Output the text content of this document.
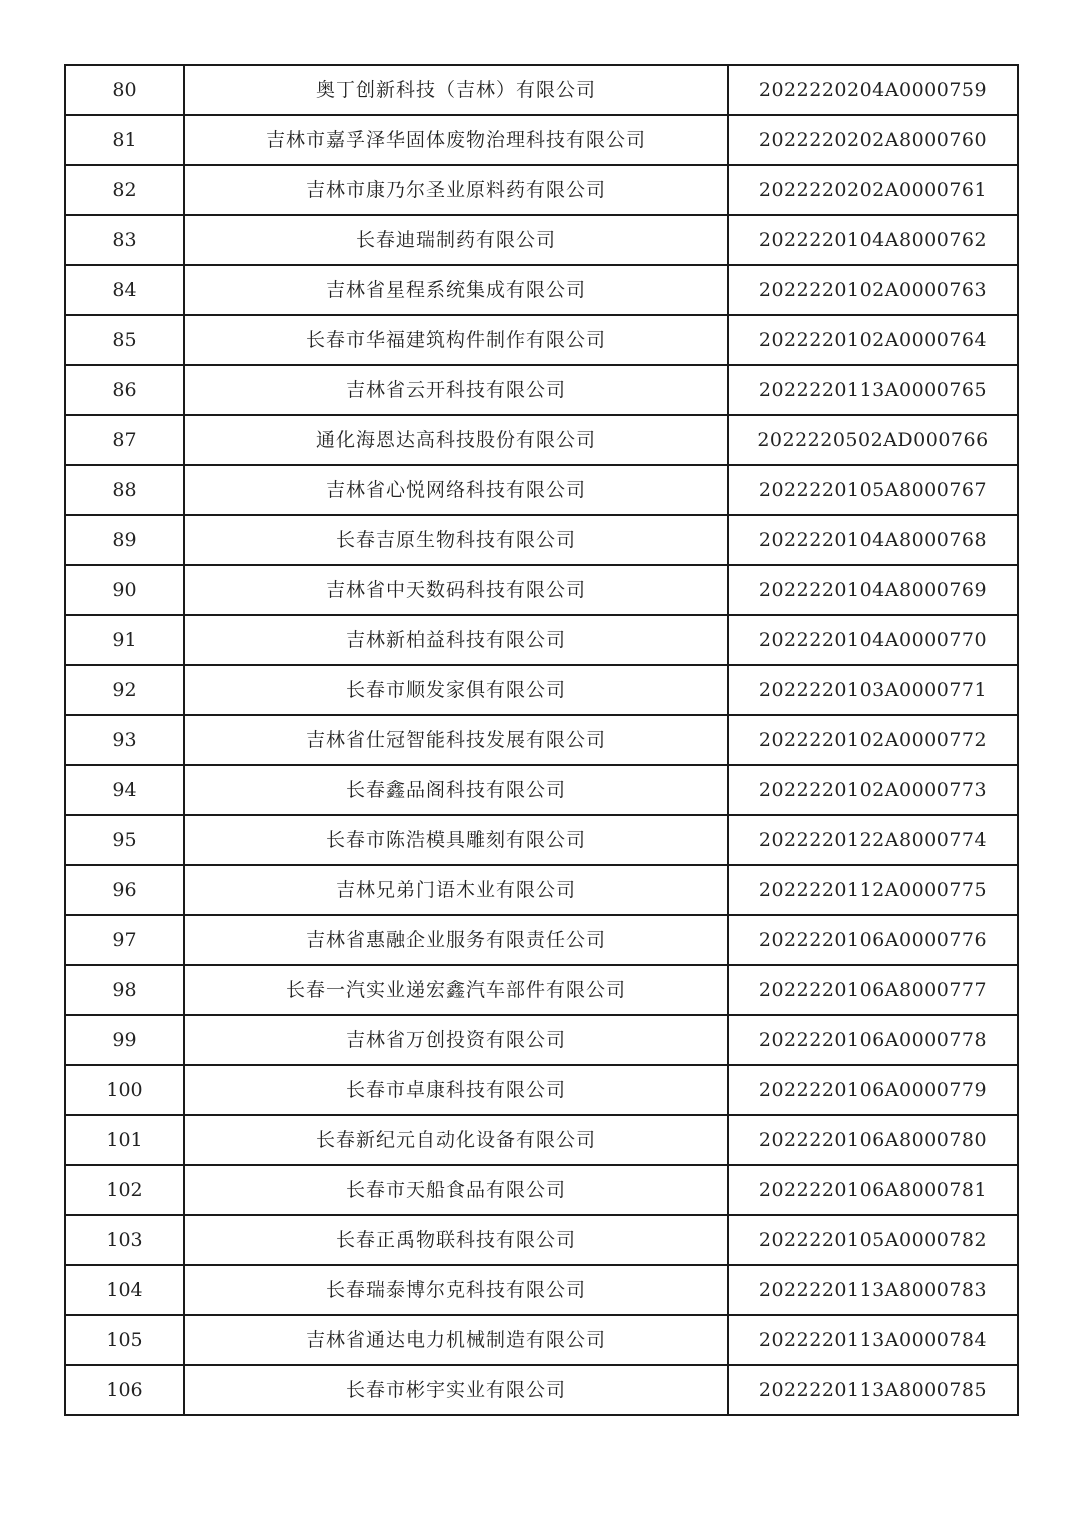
80	奥丁创新科技（吉林）有限公司	2022220204A0000759
81	吉林市嘉孚泽华固体废物治理科技有限公司	2022220202A8000760
82	吉林市康乃尔圣业原料药有限公司	2022220202A0000761
83	长春迪瑞制药有限公司	2022220104A8000762
84	吉林省星程系统集成有限公司	2022220102A0000763
85	长春市华福建筑构件制作有限公司	2022220102A0000764
86	吉林省云开科技有限公司	2022220113A0000765
87	通化海恩达高科技股份有限公司	2022220502AD000766
88	吉林省心悦网络科技有限公司	2022220105A8000767
89	长春吉原生物科技有限公司	2022220104A8000768
90	吉林省中天数码科技有限公司	2022220104A8000769
91	吉林新柏益科技有限公司	2022220104A0000770
92	长春市顺发家俱有限公司	2022220103A0000771
93	吉林省仕冠智能科技发展有限公司	2022220102A0000772
94	长春鑫品阁科技有限公司	2022220102A0000773
95	长春市陈浩模具雕刻有限公司	2022220122A8000774
96	吉林兄弟门语木业有限公司	2022220112A0000775
97	吉林省惠融企业服务有限责任公司	2022220106A0000776
98	长春一汽实业递宏鑫汽车部件有限公司	2022220106A8000777
99	吉林省万创投资有限公司	2022220106A0000778
100	长春市卓康科技有限公司	2022220106A0000779
101	长春新纪元自动化设备有限公司	2022220106A8000780
102	长春市天船食品有限公司	2022220106A8000781
103	长春正禹物联科技有限公司	2022220105A0000782
104	长春瑞泰博尔克科技有限公司	2022220113A8000783
105	吉林省通达电力机械制造有限公司	2022220113A0000784
106	长春市彬宇实业有限公司	2022220113A8000785
